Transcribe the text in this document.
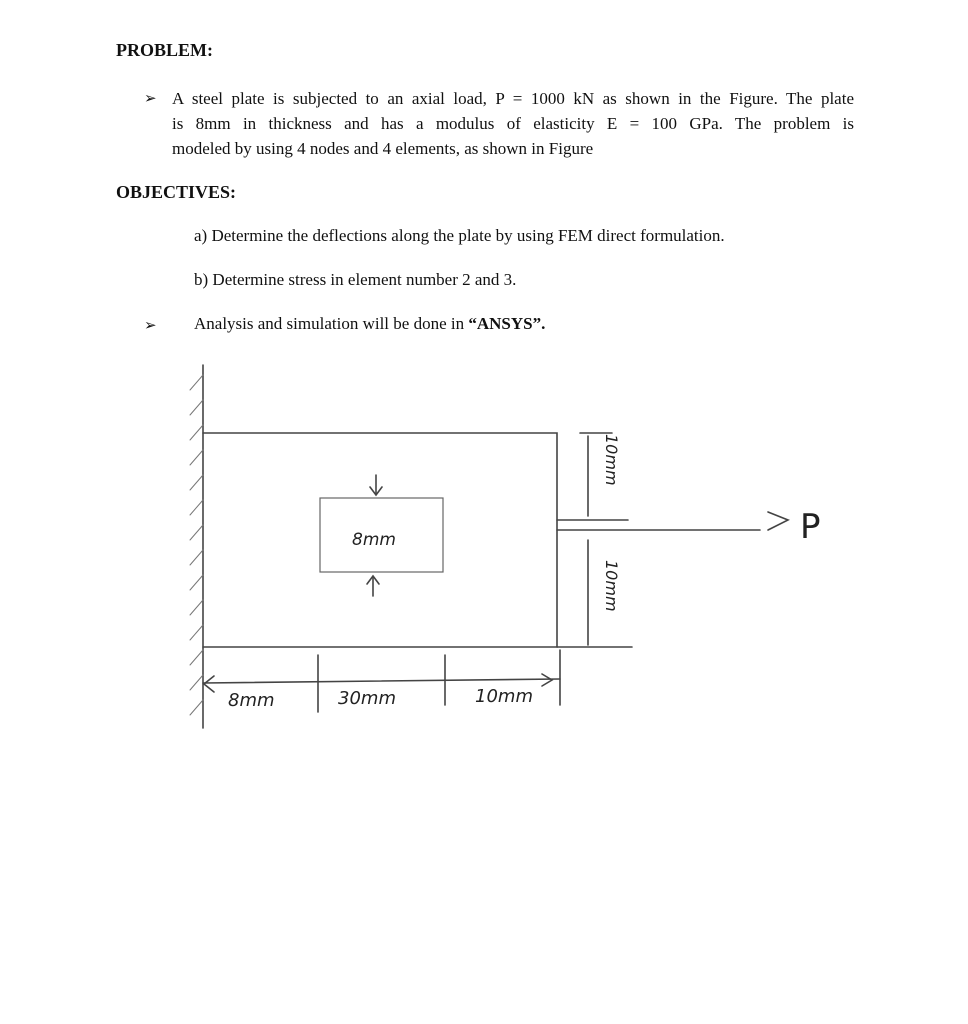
PROBLEM:
➢ A steel plate is subjected to an axial load, P = 1000 kN as shown in the Figure. The plate
is 8mm in thickness and has a modulus of elasticity E = 100 GPa. The problem is
modeled by using 4 nodes and 4 elements, as shown in Figure
OBJECTIVES:
a) Determine the deflections along the plate by using FEM direct formulation.
b) Determine stress in element number 2 and 3.
➢ Analysis and simulation will be done in “ANSYS”.
8mm
8mm	30mm	10mm
10mm
10mm
P
